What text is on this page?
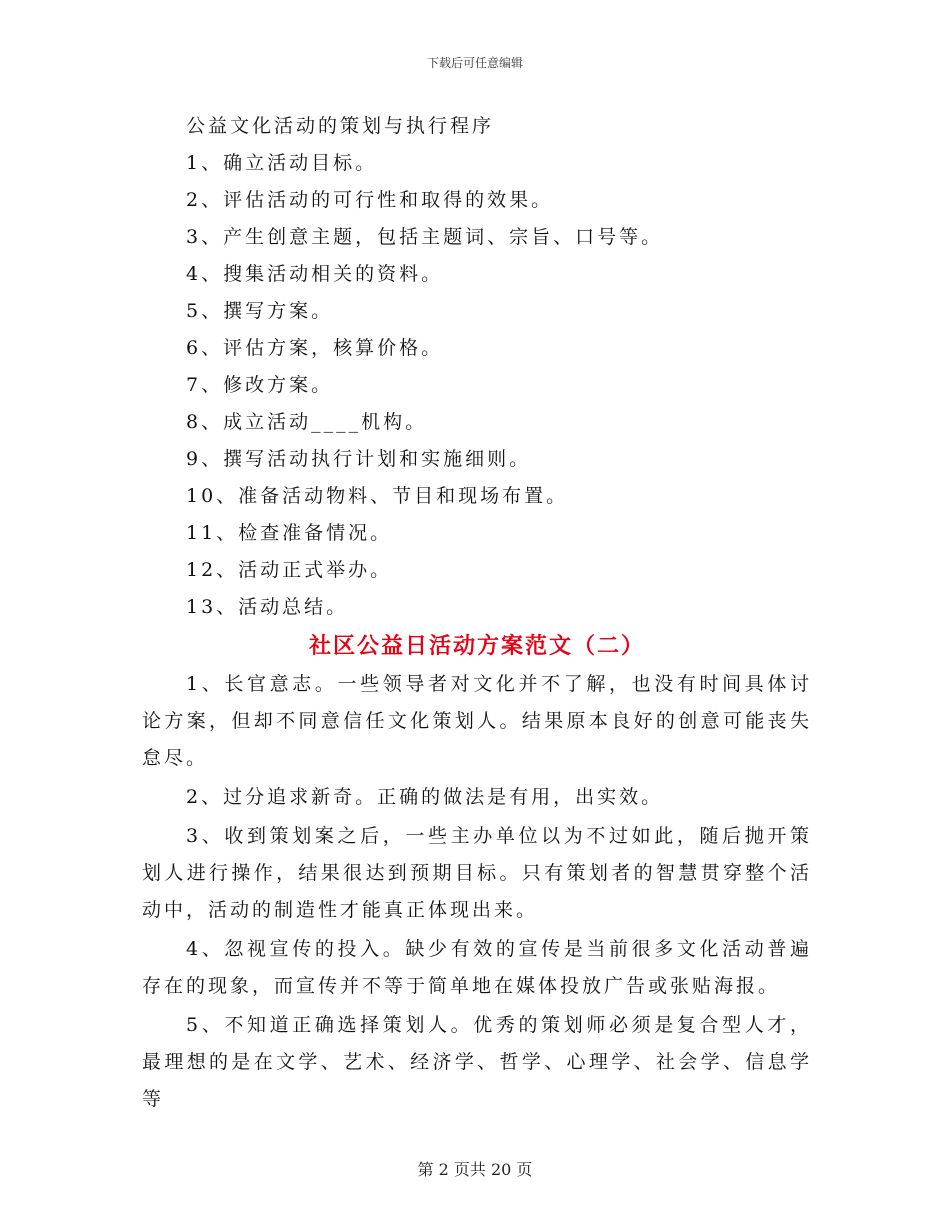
下载后可任意编辑

公益文化活动的策划与执行程序

1、确立活动目标。
2、评估活动的可行性和取得的效果。
3、产生创意主题，包括主题词、宗旨、口号等。
4、搜集活动相关的资料。
5、撰写方案。
6、评估方案，核算价格。
7、修改方案。
8、成立活动____机构。
9、撰写活动执行计划和实施细则。
10、准备活动物料、节目和现场布置。
11、检查准备情况。
12、活动正式举办。
13、活动总结。
社区公益日活动方案范文（二）

1、长官意志。一些领导者对文化并不了解，也没有时间具体讨论方案，但却不同意信任文化策划人。结果原本良好的创意可能丧失怠尽。

2、过分追求新奇。正确的做法是有用，出实效。

3、收到策划案之后，一些主办单位以为不过如此，随后抛开策划人进行操作，结果很达到预期目标。只有策划者的智慧贯穿整个活动中，活动的制造性才能真正体现出来。

4、忽视宣传的投入。缺少有效的宣传是当前很多文化活动普遍存在的现象，而宣传并不等于简单地在媒体投放广告或张贴海报。

5、不知道正确选择策划人。优秀的策划师必须是复合型人才，最理想的是在文学、艺术、经济学、哲学、心理学、社会学、信息学等

第 2 页共 20 页
